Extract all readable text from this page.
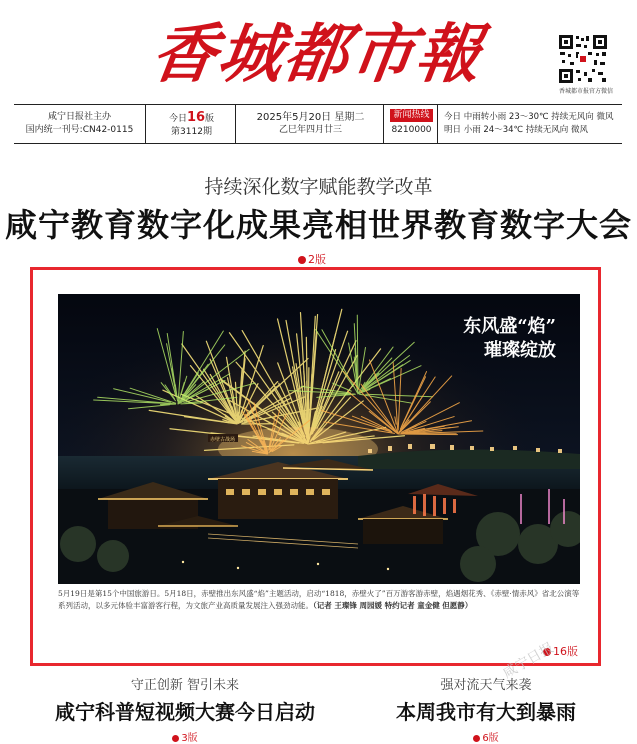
香城都市報	香城都市报官方微信
咸宁日报社主办
国内统一刊号:CN42-0115
今日16版
第3112期
2025年5月20日 星期二
乙巳年四月廿三
新闻热线
8210000
今日 中雨转小雨 23～30℃ 持续无风向 微风
明日 小雨 24～34℃ 持续无风向 微风
持续深化数字赋能教学改革
咸宁教育数字化成果亮相世界教育数字大会
2版
赤壁古战场
东风盛“焰”
璀璨绽放
5月19日是第15个中国旅游日。5月18日，赤壁推出东风盛“焰”主题活动，启动“1818，赤壁火了”百万游客游赤壁，焰遇烟花秀、《赤壁·情赤风》省北公演等系列活动，以多元体验丰富游客行程，为文旅产业高质量发展注入强劲动能。（记者 王璨锋 周园媛 特约记者 童金健 但愿静）
16版
守正创新 智引未来
咸宁科普短视频大赛今日启动
3版
强对流天气来袭
本周我市有大到暴雨
6版
咸宁日报
